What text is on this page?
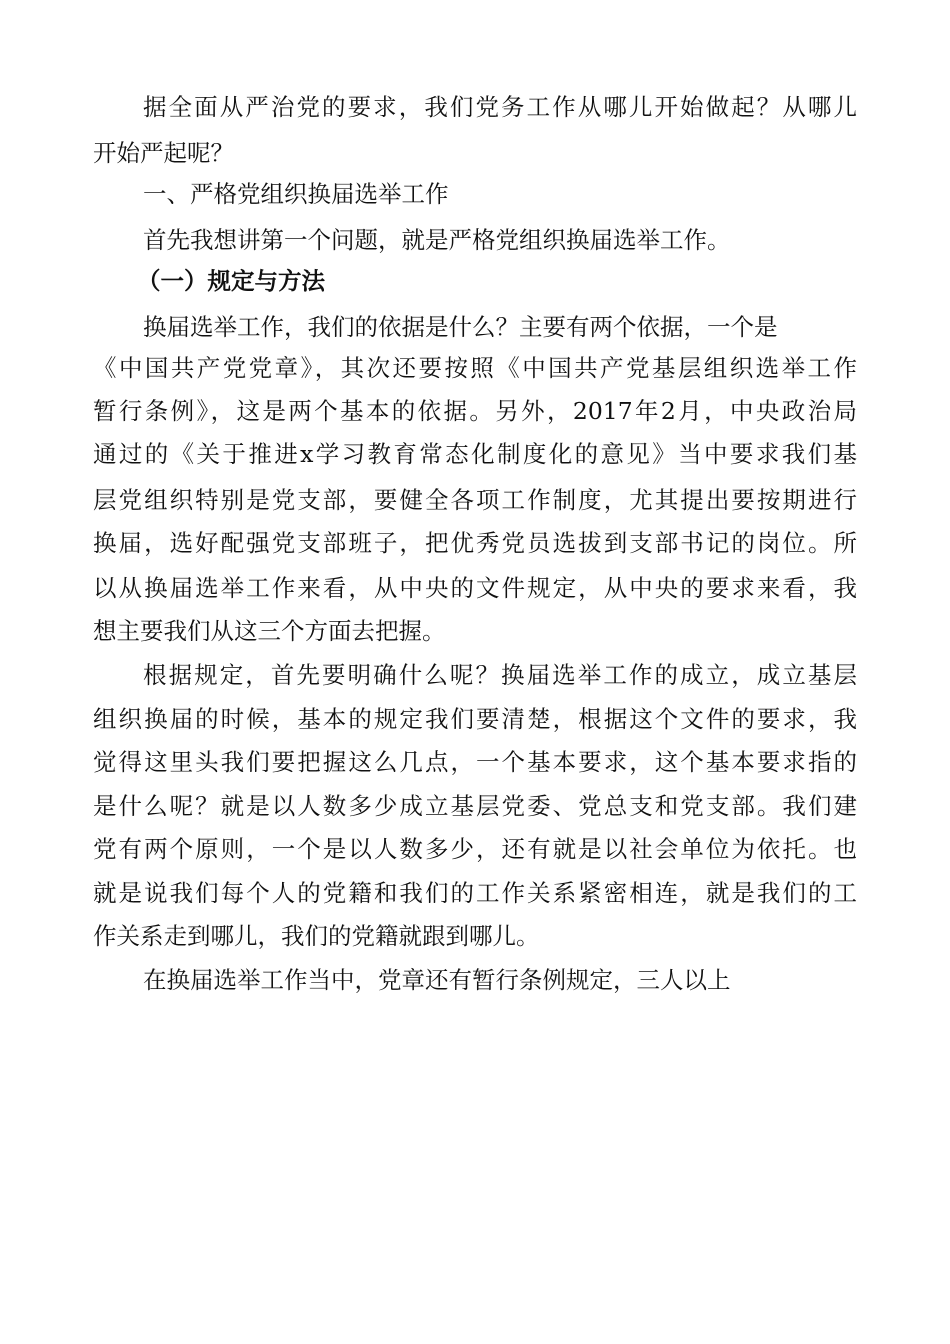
据全面从严治党的要求，我们党务工作从哪儿开始做起？从哪儿
开始严起呢？
一、严格党组织换届选举工作
首先我想讲第一个问题，就是严格党组织换届选举工作。
（一）规定与方法
换届选举工作，我们的依据是什么？主要有两个依据，一个是
《中国共产党党章》，其次还要按照《中国共产党基层组织选举工作
暂行条例》，这是两个基本的依据。另外，2017年2月，中央政治局
通过的《关于推进x学习教育常态化制度化的意见》当中要求我们基
层党组织特别是党支部，要健全各项工作制度，尤其提出要按期进行
换届，选好配强党支部班子，把优秀党员选拔到支部书记的岗位。所
以从换届选举工作来看，从中央的文件规定，从中央的要求来看，我
想主要我们从这三个方面去把握。
根据规定，首先要明确什么呢？换届选举工作的成立，成立基层
组织换届的时候，基本的规定我们要清楚，根据这个文件的要求，我
觉得这里头我们要把握这么几点，一个基本要求，这个基本要求指的
是什么呢？就是以人数多少成立基层党委、党总支和党支部。我们建
党有两个原则，一个是以人数多少，还有就是以社会单位为依托。也
就是说我们每个人的党籍和我们的工作关系紧密相连，就是我们的工
作关系走到哪儿，我们的党籍就跟到哪儿。
在换届选举工作当中，党章还有暂行条例规定，三人以上
